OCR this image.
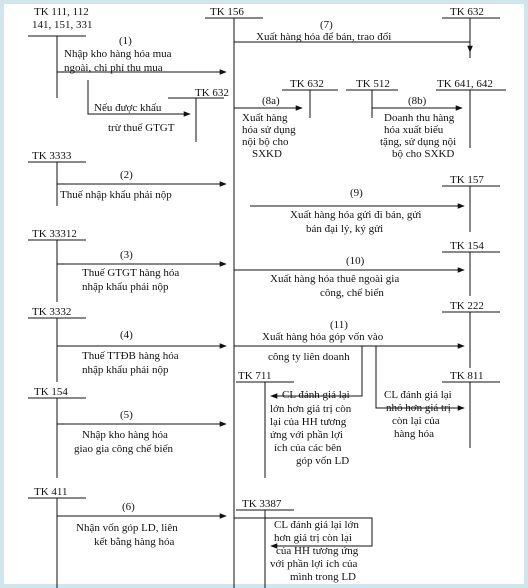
TK 111, 112
141, 151, 331
TK 156	TK 632
TK 632
TK 632	TK 512	TK 641, 642
TK 3333
TK 157
TK 33312
TK 154
TK 3332	TK 222
TK 711	TK 811
TK 154
TK 411
TK 3387
(1)
Nhập kho hàng hóa mua
ngoài, chi phí thu mua
Nếu được khấu
trừ thuế GTGT
(7)
Xuất hàng hóa để bán, trao đổi
(8a)
Xuất hàng
hóa sử dụng
nội bộ cho
SXKD
(8b)
Doanh thu hàng
hóa xuất biếu
tặng, sử dụng nội
bộ cho SXKD
(2)
Thuế nhập khẩu phải nộp	(9)
Xuất hàng hóa gửi đi bán, gửi
bán đại lý, ký gửi
(3)
Thuế GTGT hàng hóa
nhập khẩu phải nộp
(10)
Xuất hàng hóa thuê ngoài gia
công, chế biến
(4)
Thuế TTĐB hàng hóa
nhập khẩu phải nộp
(11)
Xuất hàng hóa góp vốn vào
công ty liên doanh
CL đánh giá lại
lớn hơn giá trị còn
lại của HH tương
ứng với phần lợi
ích của các bên
góp vốn LD
CL đánh giá lại
nhỏ hơn giá trị
còn lại của
hàng hóa
(5)
Nhập kho hàng hóa
giao gia công chế biến
(6)
Nhận vốn góp LD, liên
kết bằng hàng hóa
CL đánh giá lại lớn
hơn giá trị còn lại
của HH tương ứng
với phần lợi ích của
mình trong LD
